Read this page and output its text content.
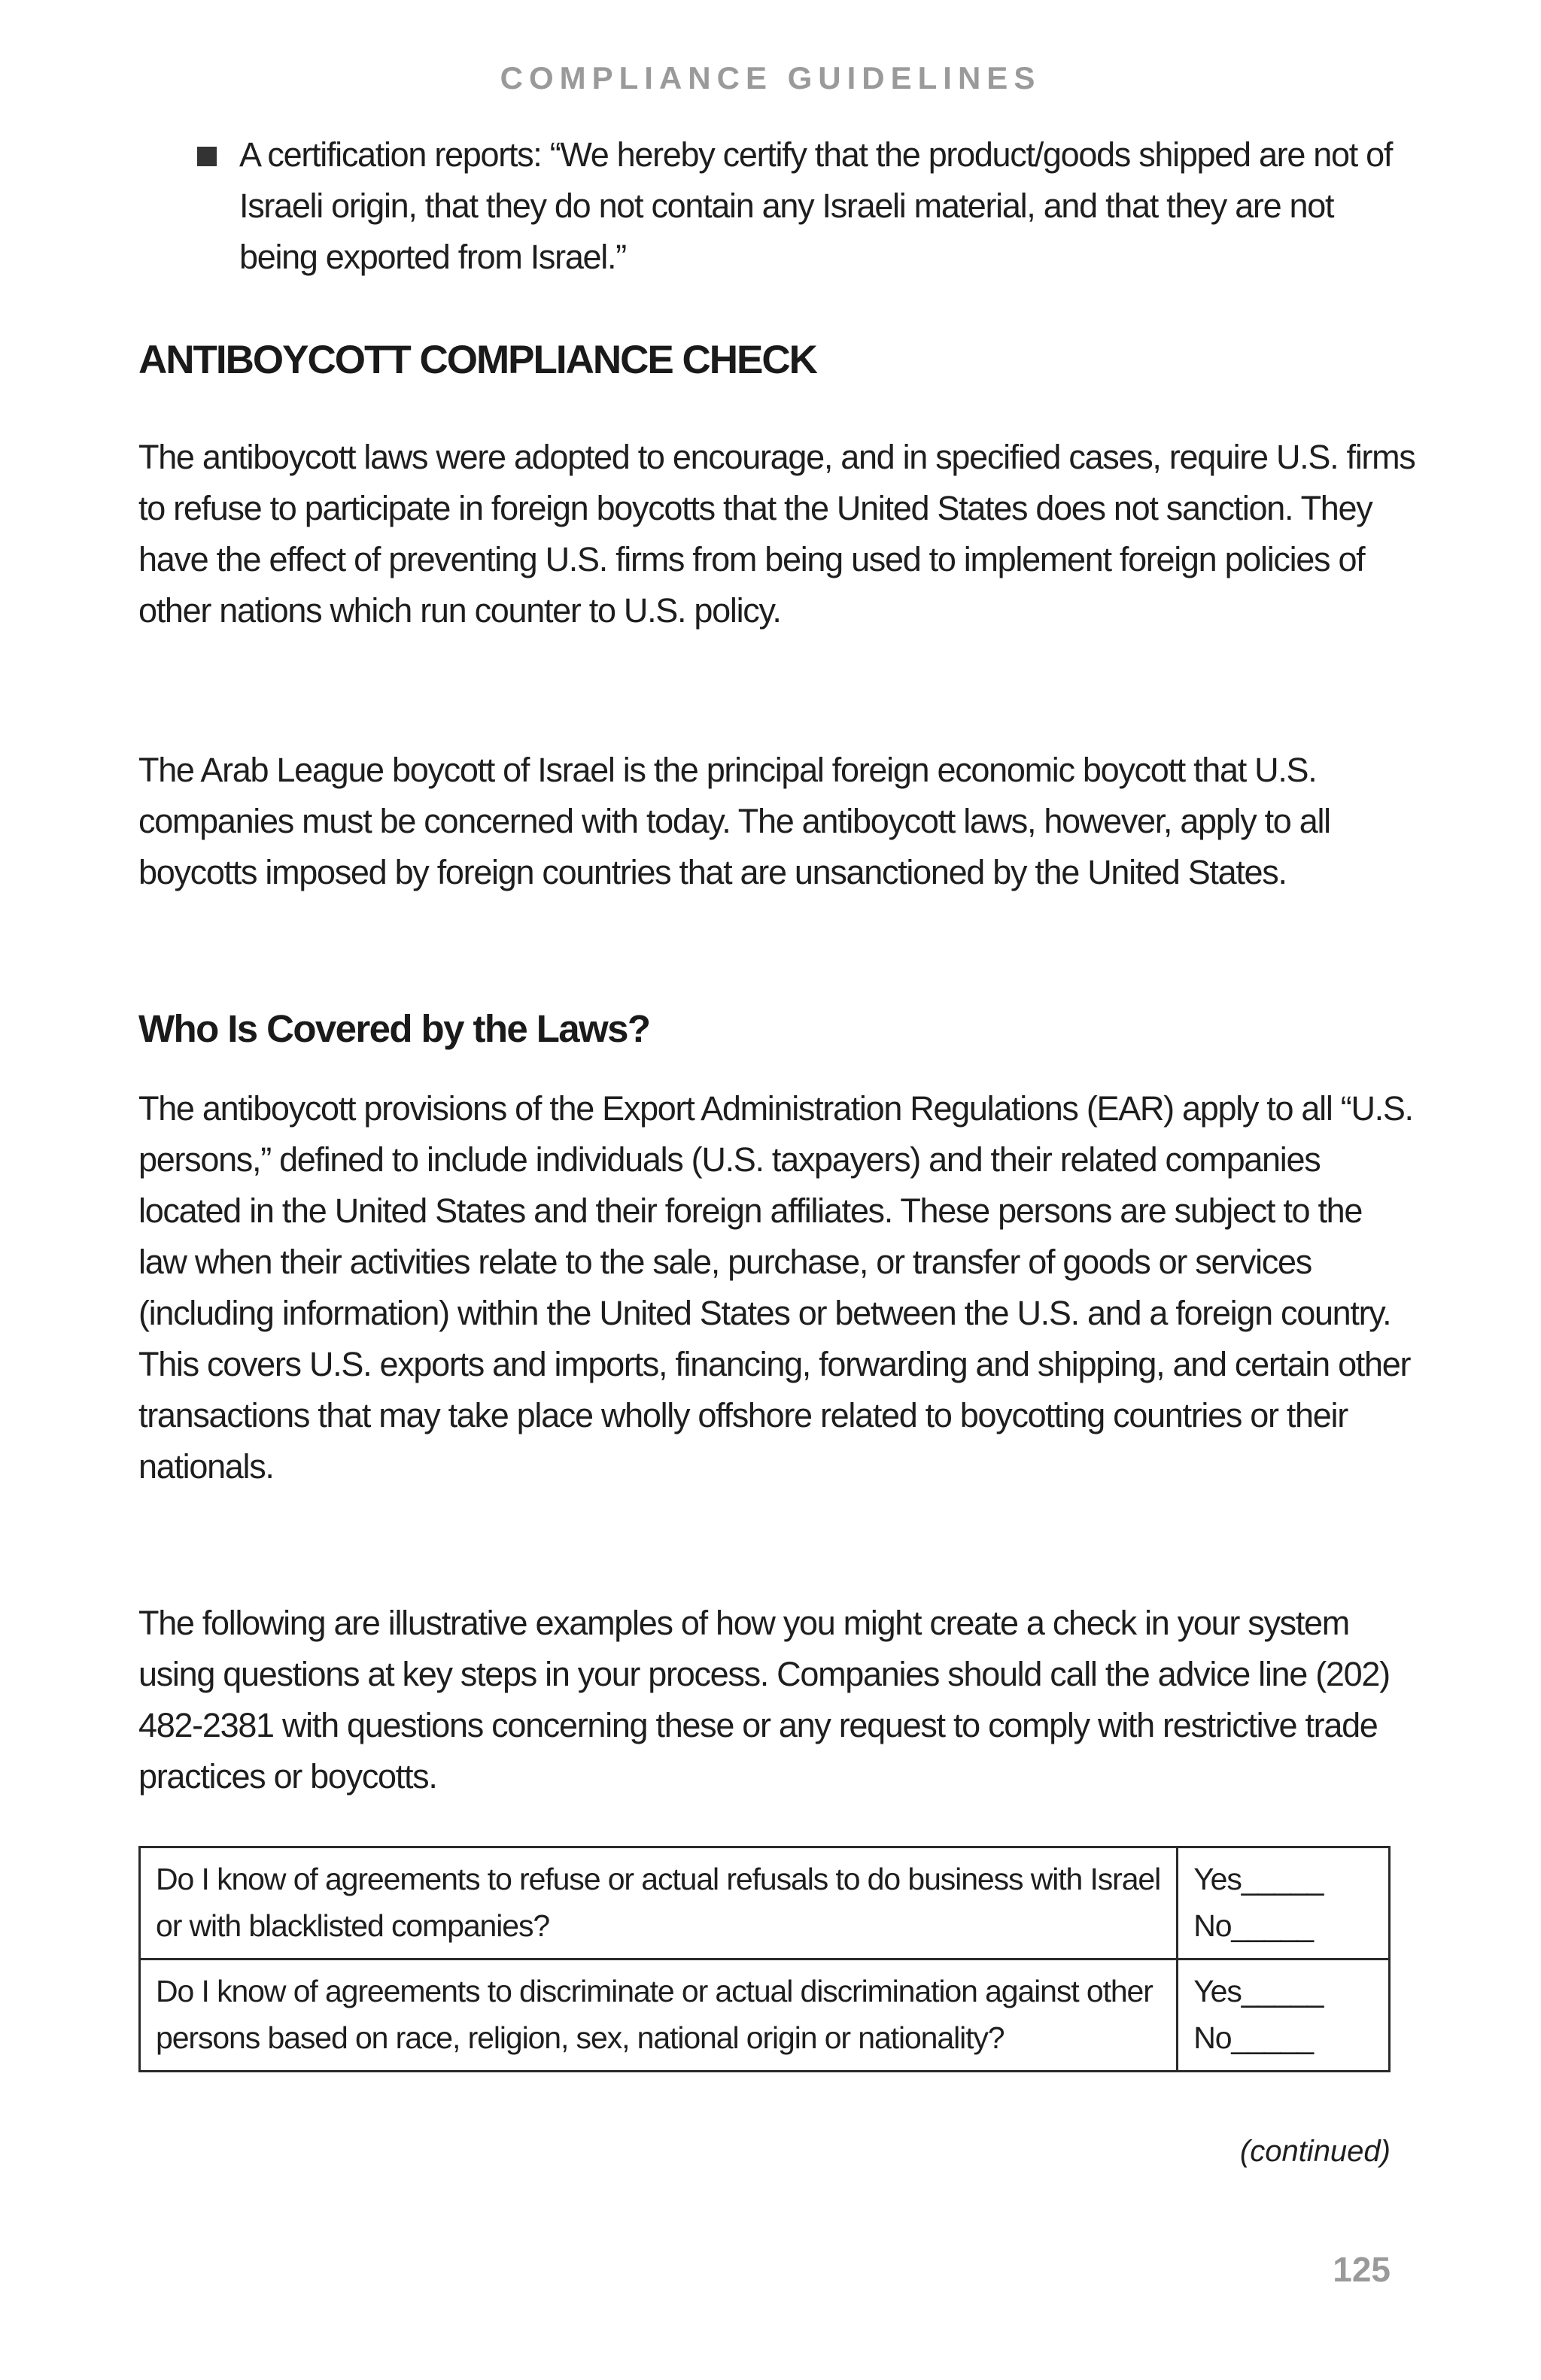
COMPLIANCE GUIDELINES
A certification reports: “We hereby certify that the product/goods shipped are not of Israeli origin, that they do not contain any Israeli material, and that they are not being exported from Israel.”
ANTIBOYCOTT COMPLIANCE CHECK
The antiboycott laws were adopted to encourage, and in specified cases, require U.S. firms to refuse to participate in foreign boycotts that the United States does not sanction. They have the effect of preventing U.S. firms from being used to implement foreign policies of other nations which run counter to U.S. policy.
The Arab League boycott of Israel is the principal foreign economic boycott that U.S. companies must be concerned with today. The antiboycott laws, however, apply to all boycotts imposed by foreign countries that are unsanctioned by the United States.
Who Is Covered by the Laws?
The antiboycott provisions of the Export Administration Regulations (EAR) apply to all “U.S. persons,” defined to include individuals (U.S. taxpayers) and their related companies located in the United States and their foreign affiliates. These persons are subject to the law when their activities relate to the sale, purchase, or transfer of goods or services (including information) within the United States or between the U.S. and a foreign country. This covers U.S. exports and imports, financing, forwarding and shipping, and certain other transactions that may take place wholly offshore related to boycotting countries or their nationals.
The following are illustrative examples of how you might create a check in your system using questions at key steps in your process. Companies should call the advice line (202) 482-2381 with questions concerning these or any request to comply with restrictive trade practices or boycotts.
Do I know of agreements to refuse or actual refusals to do business with Israel or with blacklisted companies?	Yes_____
No_____

Do I know of agreements to discriminate or actual discrimination against other persons based on race, religion, sex, national origin or nationality?	Yes_____
No_____
(continued)
125
